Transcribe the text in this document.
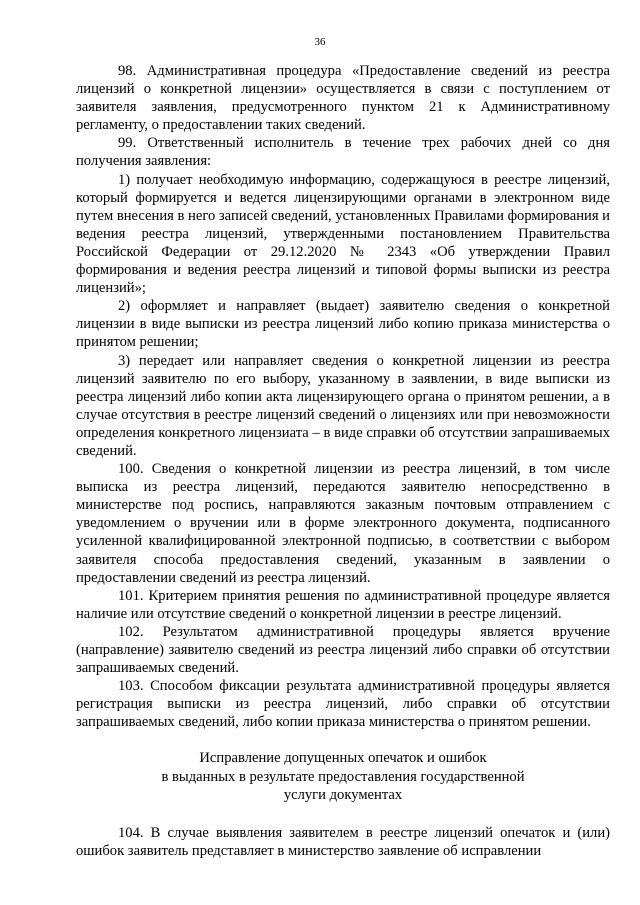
36

98. Административная процедура «Предоставление сведений из реестра лицензий о конкретной лицензии» осуществляется в связи с поступлением от заявителя заявления, предусмотренного пунктом 21 к Административному регламенту, о предоставлении таких сведений.

99. Ответственный исполнитель в течение трех рабочих дней со дня получения заявления:

1) получает необходимую информацию, содержащуюся в реестре лицензий, который формируется и ведется лицензирующими органами в электронном виде путем внесения в него записей сведений, установленных Правилами формирования и ведения реестра лицензий, утвержденными постановлением Правительства Российской Федерации от 29.12.2020 № 2343 «Об утверждении Правил формирования и ведения реестра лицензий и типовой формы выписки из реестра лицензий»;

2) оформляет и направляет (выдает) заявителю сведения о конкретной лицензии в виде выписки из реестра лицензий либо копию приказа министерства о принятом решении;

3) передает или направляет сведения о конкретной лицензии из реестра лицензий заявителю по его выбору, указанному в заявлении, в виде выписки из реестра лицензий либо копии акта лицензирующего органа о принятом решении, а в случае отсутствия в реестре лицензий сведений о лицензиях или при невозможности определения конкретного лицензиата – в виде справки об отсутствии запрашиваемых сведений.

100. Сведения о конкретной лицензии из реестра лицензий, в том числе выписка из реестра лицензий, передаются заявителю непосредственно в министерстве под роспись, направляются заказным почтовым отправлением с уведомлением о вручении или в форме электронного документа, подписанного усиленной квалифицированной электронной подписью, в соответствии с выбором заявителя способа предоставления сведений, указанным в заявлении о предоставлении сведений из реестра лицензий.

101. Критерием принятия решения по административной процедуре является наличие или отсутствие сведений о конкретной лицензии в реестре лицензий.

102. Результатом административной процедуры является вручение (направление) заявителю сведений из реестра лицензий либо справки об отсутствии запрашиваемых сведений.

103. Способом фиксации результата административной процедуры является регистрация выписки из реестра лицензий, либо справки об отсутствии запрашиваемых сведений, либо копии приказа министерства о принятом решении.

Исправление допущенных опечаток и ошибок
в выданных в результате предоставления государственной
услуги документах

104. В случае выявления заявителем в реестре лицензий опечаток и (или) ошибок заявитель представляет в министерство заявление об исправлении
